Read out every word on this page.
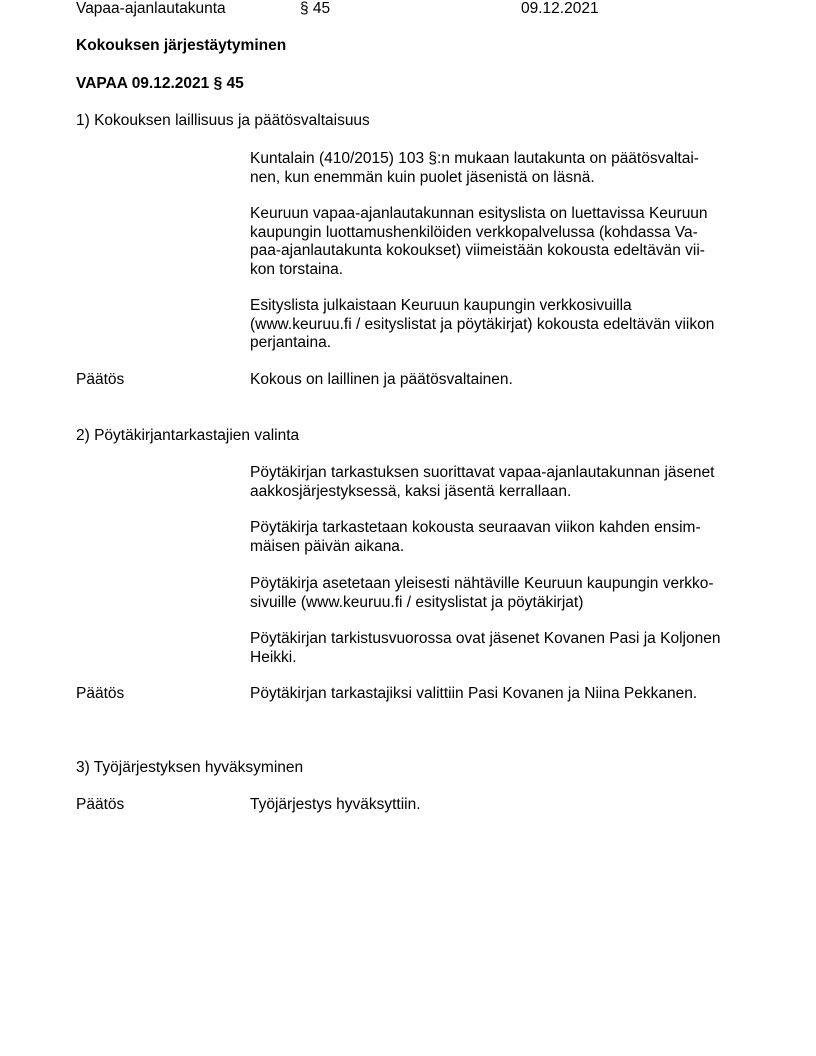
Vapaa-ajanlautakunta	§ 45	09.12.2021
Kokouksen järjestäytyminen
VAPAA 09.12.2021 § 45
1) Kokouksen laillisuus ja päätösvaltaisuus
Kuntalain (410/2015) 103 §:n mukaan lautakunta on päätösvaltai-
nen, kun enemmän kuin puolet jäsenistä on läsnä.
Keuruun vapaa-ajanlautakunnan esityslista on luettavissa Keuruun
kaupungin luottamushenkilöiden verkkopalvelussa (kohdassa Va-
paa-ajanlautakunta kokoukset) viimeistään kokousta edeltävän vii-
kon torstaina.
Esityslista julkaistaan Keuruun kaupungin verkkosivuilla
(www.keuruu.fi / esityslistat ja pöytäkirjat) kokousta edeltävän viikon
perjantaina.
Päätös	Kokous on laillinen ja päätösvaltainen.
2) Pöytäkirjantarkastajien valinta
Pöytäkirjan tarkastuksen suorittavat vapaa-ajanlautakunnan jäsenet
aakkosjärjestyksessä, kaksi jäsentä kerrallaan.
Pöytäkirja tarkastetaan kokousta seuraavan viikon kahden ensim-
mäisen päivän aikana.
Pöytäkirja asetetaan yleisesti nähtäville Keuruun kaupungin verkko-
sivuille (www.keuruu.fi / esityslistat ja pöytäkirjat)
Pöytäkirjan tarkistusvuorossa ovat jäsenet Kovanen Pasi ja Koljonen
Heikki.
Päätös	Pöytäkirjan tarkastajiksi valittiin Pasi Kovanen ja Niina Pekkanen.
3) Työjärjestyksen hyväksyminen
Päätös	Työjärjestys hyväksyttiin.
